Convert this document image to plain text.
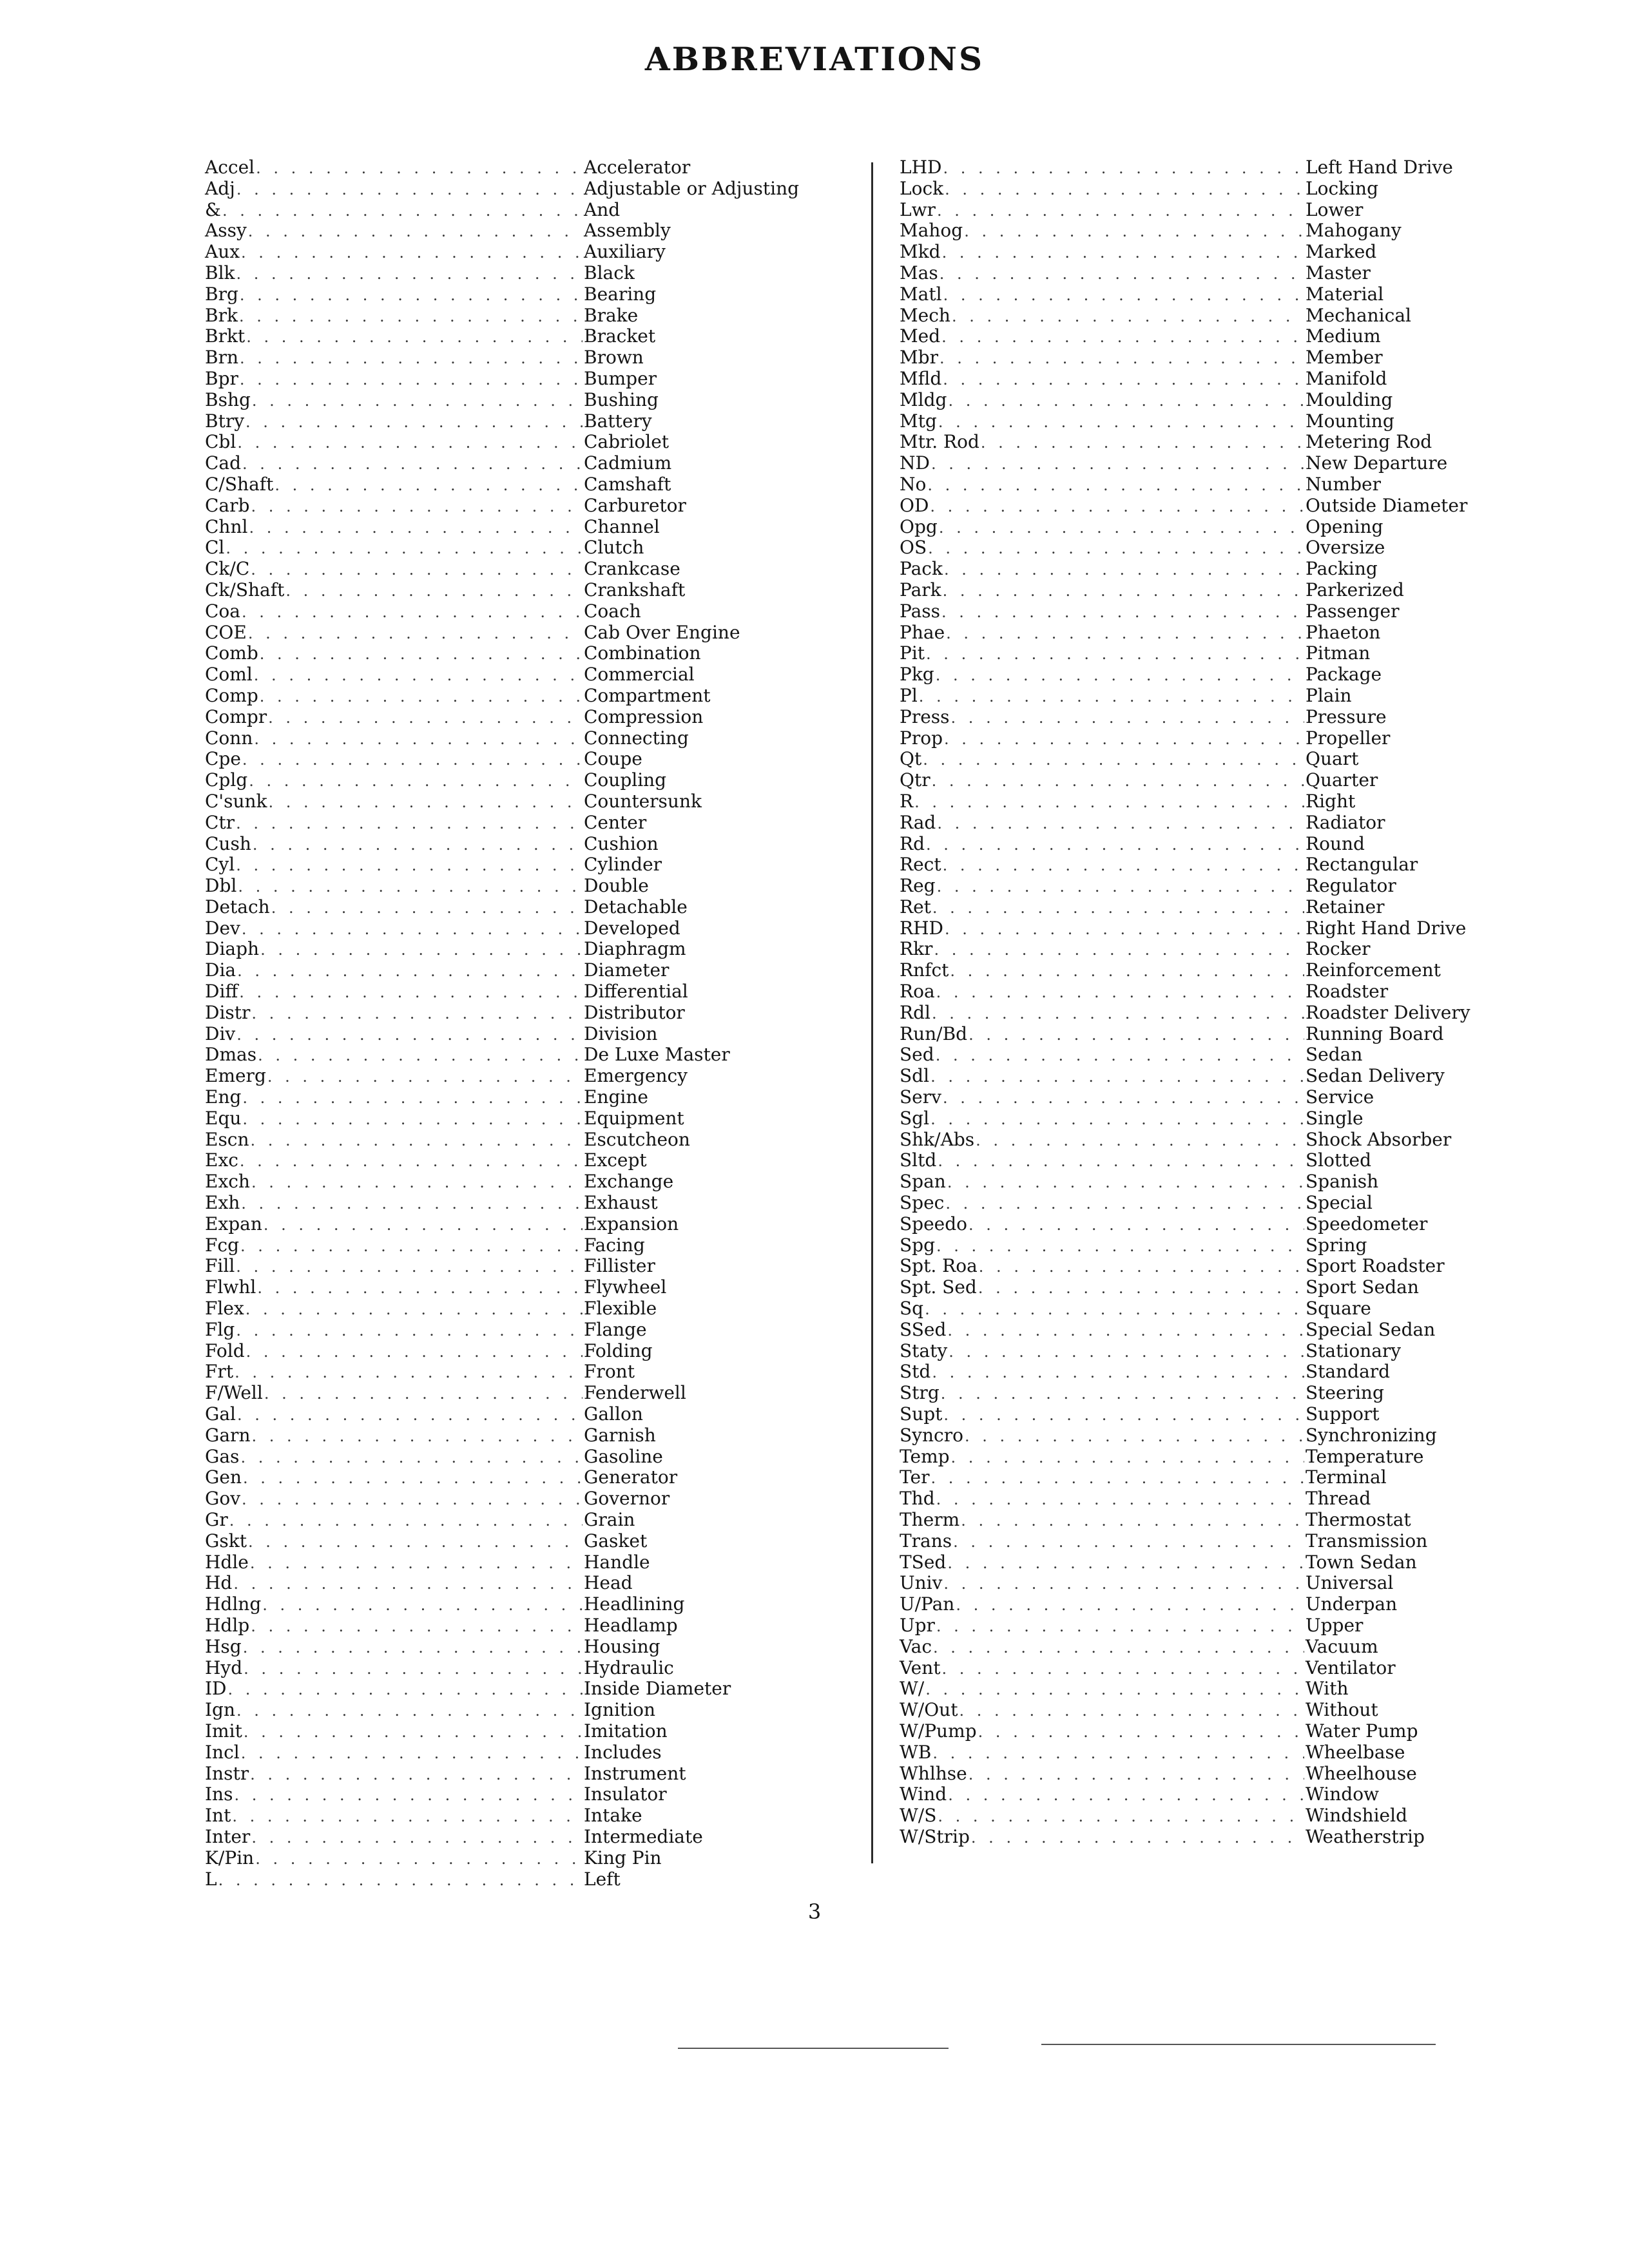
ABBREVIATIONS
Accel . . .	Accelerator
Adj . . .	Adjustable or Adjusting
& . . .	And
Assy . . .	Assembly
Aux . . .	Auxiliary
Blk . . .	Black
Brg . . .	Bearing
Brk . . .	Brake
Brkt . . .	Bracket
Brn . . .	Brown
Bpr . . .	Bumper
Bshg . . .	Bushing
Btry . . .	Battery
Cbl . . .	Cabriolet
Cad . . .	Cadmium
C/Shaft . . .	Camshaft
Carb . . .	Carburetor
Chnl . . .	Channel
Cl . . .	Clutch
Ck/C . . .	Crankcase
Ck/Shaft . . .	Crankshaft
Coa . . .	Coach
COE . . .	Cab Over Engine
Comb . . .	Combination
Coml . . .	Commercial
Comp . . .	Compartment
Compr . . .	Compression
Conn . . .	Connecting
Cpe . . .	Coupe
Cplg . . .	Coupling
C'sunk . . .	Countersunk
Ctr . . .	Center
Cush . . .	Cushion
Cyl . . .	Cylinder
Dbl . . .	Double
Detach . . .	Detachable
Dev . . .	Developed
Diaph . . .	Diaphragm
Dia . . .	Diameter
Diff . . .	Differential
Distr . . .	Distributor
Div . . .	Division
Dmas . . .	De Luxe Master
Emerg . . .	Emergency
Eng . . .	Engine
Equ . . .	Equipment
Escn . . .	Escutcheon
Exc . . .	Except
Exch . . .	Exchange
Exh . . .	Exhaust
Expan . . .	Expansion
Fcg . . .	Facing
Fill . . .	Fillister
Flwhl . . .	Flywheel
Flex . . .	Flexible
Flg . . .	Flange
Fold . . .	Folding
Frt . . .	Front
F/Well . . .	Fenderwell
Gal . . .	Gallon
Garn . . .	Garnish
Gas . . .	Gasoline
Gen . . .	Generator
Gov . . .	Governor
Gr . . .	Grain
Gskt . . .	Gasket
Hdle . . .	Handle
Hd . . .	Head
Hdlng . . .	Headlining
Hdlp . . .	Headlamp
Hsg . . .	Housing
Hyd . . .	Hydraulic
ID . . .	Inside Diameter
Ign . . .	Ignition
Imit . . .	Imitation
Incl . . .	Includes
Instr . . .	Instrument
Ins . . .	Insulator
Int . . .	Intake
Inter . . .	Intermediate
K/Pin . . .	King Pin
L . . .	Left
LHD . . .	Left Hand Drive
Lock . . .	Locking
Lwr . . .	Lower
Mahog . . .	Mahogany
Mkd . . .	Marked
Mas . . .	Master
Matl . . .	Material
Mech . . .	Mechanical
Med . . .	Medium
Mbr . . .	Member
Mfld . . .	Manifold
Mldg . . .	Moulding
Mtg . . .	Mounting
Mtr. Rod . . .	Metering Rod
ND . . .	New Departure
No . . .	Number
OD . . .	Outside Diameter
Opg . . .	Opening
OS . . .	Oversize
Pack . . .	Packing
Park . . .	Parkerized
Pass . . .	Passenger
Phae . . .	Phaeton
Pit . . .	Pitman
Pkg . . .	Package
Pl . . .	Plain
Press . . .	Pressure
Prop . . .	Propeller
Qt . . .	Quart
Qtr . . .	Quarter
R . . .	Right
Rad . . .	Radiator
Rd . . .	Round
Rect . . .	Rectangular
Reg . . .	Regulator
Ret . . .	Retainer
RHD . . .	Right Hand Drive
Rkr . . .	Rocker
Rnfct . . .	Reinforcement
Roa . . .	Roadster
Rdl . . .	Roadster Delivery
Run/Bd . . .	Running Board
Sed . . .	Sedan
Sdl . . .	Sedan Delivery
Serv . . .	Service
Sgl . . .	Single
Shk/Abs . . .	Shock Absorber
Sltd . . .	Slotted
Span . . .	Spanish
Spec . . .	Special
Speedo . . .	Speedometer
Spg . . .	Spring
Spt. Roa . . .	Sport Roadster
Spt. Sed . . .	Sport Sedan
Sq . . .	Square
SSed . . .	Special Sedan
Staty . . .	Stationary
Std . . .	Standard
Strg . . .	Steering
Supt . . .	Support
Syncro . . .	Synchronizing
Temp . . .	Temperature
Ter . . .	Terminal
Thd . . .	Thread
Therm . . .	Thermostat
Trans . . .	Transmission
TSed . . .	Town Sedan
Univ . . .	Universal
U/Pan . . .	Underpan
Upr . . .	Upper
Vac . . .	Vacuum
Vent . . .	Ventilator
W/ . . .	With
W/Out . . .	Without
W/Pump . . .	Water Pump
WB . . .	Wheelbase
Whlhse . . .	Wheelhouse
Wind . . .	Window
W/S . . .	Windshield
W/Strip . . .	Weatherstrip

3
